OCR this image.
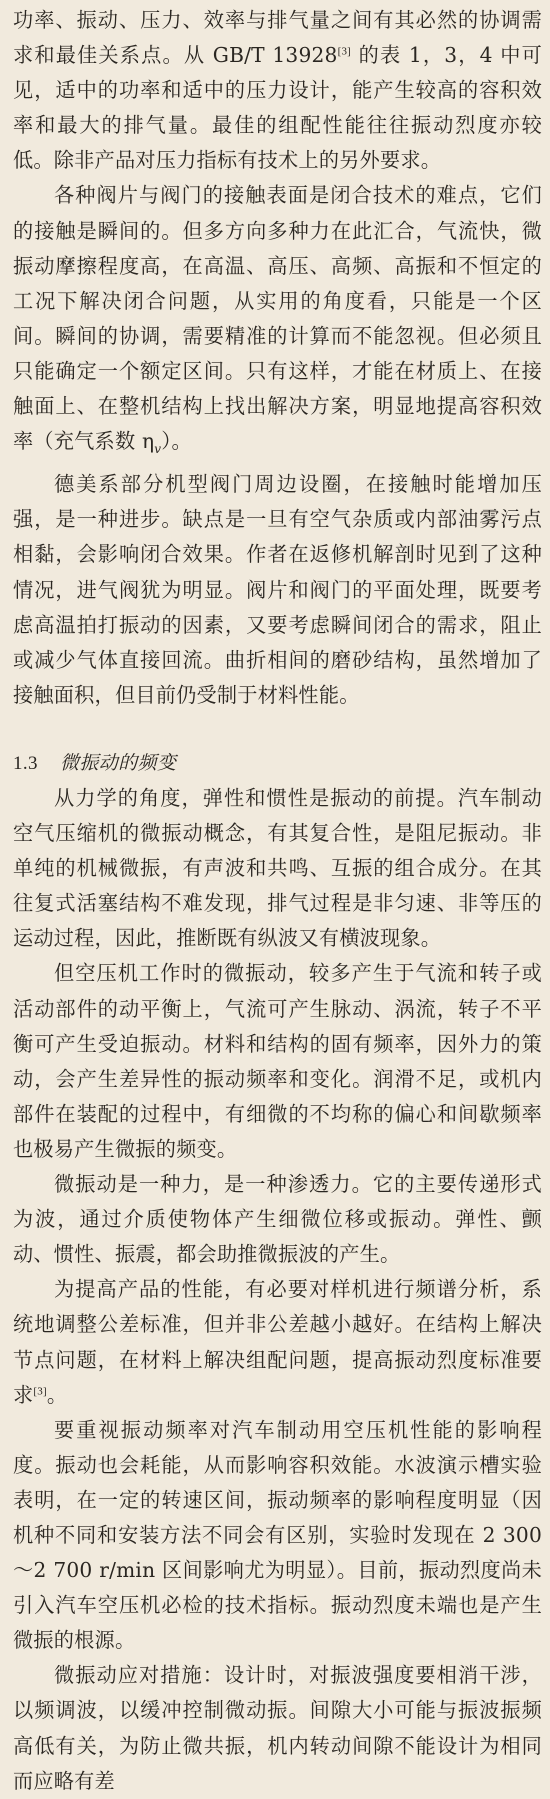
功率、振动、压力、效率与排气量之间有其必然的协调需求和最佳关系点。从 GB/T 13928[3] 的表 1，3，4 中可见，适中的功率和适中的压力设计，能产生较高的容积效率和最大的排气量。最佳的组配性能往往振动烈度亦较低。除非产品对压力指标有技术上的另外要求。

各种阀片与阀门的接触表面是闭合技术的难点，它们的接触是瞬间的。但多方向多种力在此汇合，气流快，微振动摩擦程度高，在高温、高压、高频、高振和不恒定的工况下解决闭合问题，从实用的角度看，只能是一个区间。瞬间的协调，需要精准的计算而不能忽视。但必须且只能确定一个额定区间。只有这样，才能在材质上、在接触面上、在整机结构上找出解决方案，明显地提高容积效率（充气系数 $\eta_v$）。

德美系部分机型阀门周边设圈，在接触时能增加压强，是一种进步。缺点是一旦有空气杂质或内部油雾污点相黏，会影响闭合效果。作者在返修机解剖时见到了这种情况，进气阀犹为明显。阀片和阀门的平面处理，既要考虑高温拍打振动的因素，又要考虑瞬间闭合的需求，阻止或减少气体直接回流。曲折相间的磨砂结构，虽然增加了接触面积，但目前仍受制于材料性能。

1.3 微振动的频变

从力学的角度，弹性和惯性是振动的前提。汽车制动空气压缩机的微振动概念，有其复合性，是阻尼振动。非单纯的机械微振，有声波和共鸣、互振的组合成分。在其往复式活塞结构不难发现，排气过程是非匀速、非等压的运动过程，因此，推断既有纵波又有横波现象。

但空压机工作时的微振动，较多产生于气流和转子或活动部件的动平衡上，气流可产生脉动、涡流，转子不平衡可产生受迫振动。材料和结构的固有频率，因外力的策动，会产生差异性的振动频率和变化。润滑不足，或机内部件在装配的过程中，有细微的不均称的偏心和间歇频率也极易产生微振的频变。

微振动是一种力，是一种渗透力。它的主要传递形式为波，通过介质使物体产生细微位移或振动。弹性、颤动、惯性、振震，都会助推微振波的产生。

为提高产品的性能，有必要对样机进行频谱分析，系统地调整公差标准，但并非公差越小越好。在结构上解决节点问题，在材料上解决组配问题，提高振动烈度标准要求[3]。

要重视振动频率对汽车制动用空压机性能的影响程度。振动也会耗能，从而影响容积效能。水波演示槽实验表明，在一定的转速区间，振动频率的影响程度明显（因机种不同和安装方法不同会有区别，实验时发现在 2 300～2 700 r/min 区间影响尤为明显）。目前，振动烈度尚未引入汽车空压机必检的技术指标。振动烈度未端也是产生微振的根源。

微振动应对措施：设计时，对振波强度要相消干涉，以频调波，以缓冲控制微动振。间隙大小可能与振波振频高低有关，为防止微共振，机内转动间隙不能设计为相同而应略有差
